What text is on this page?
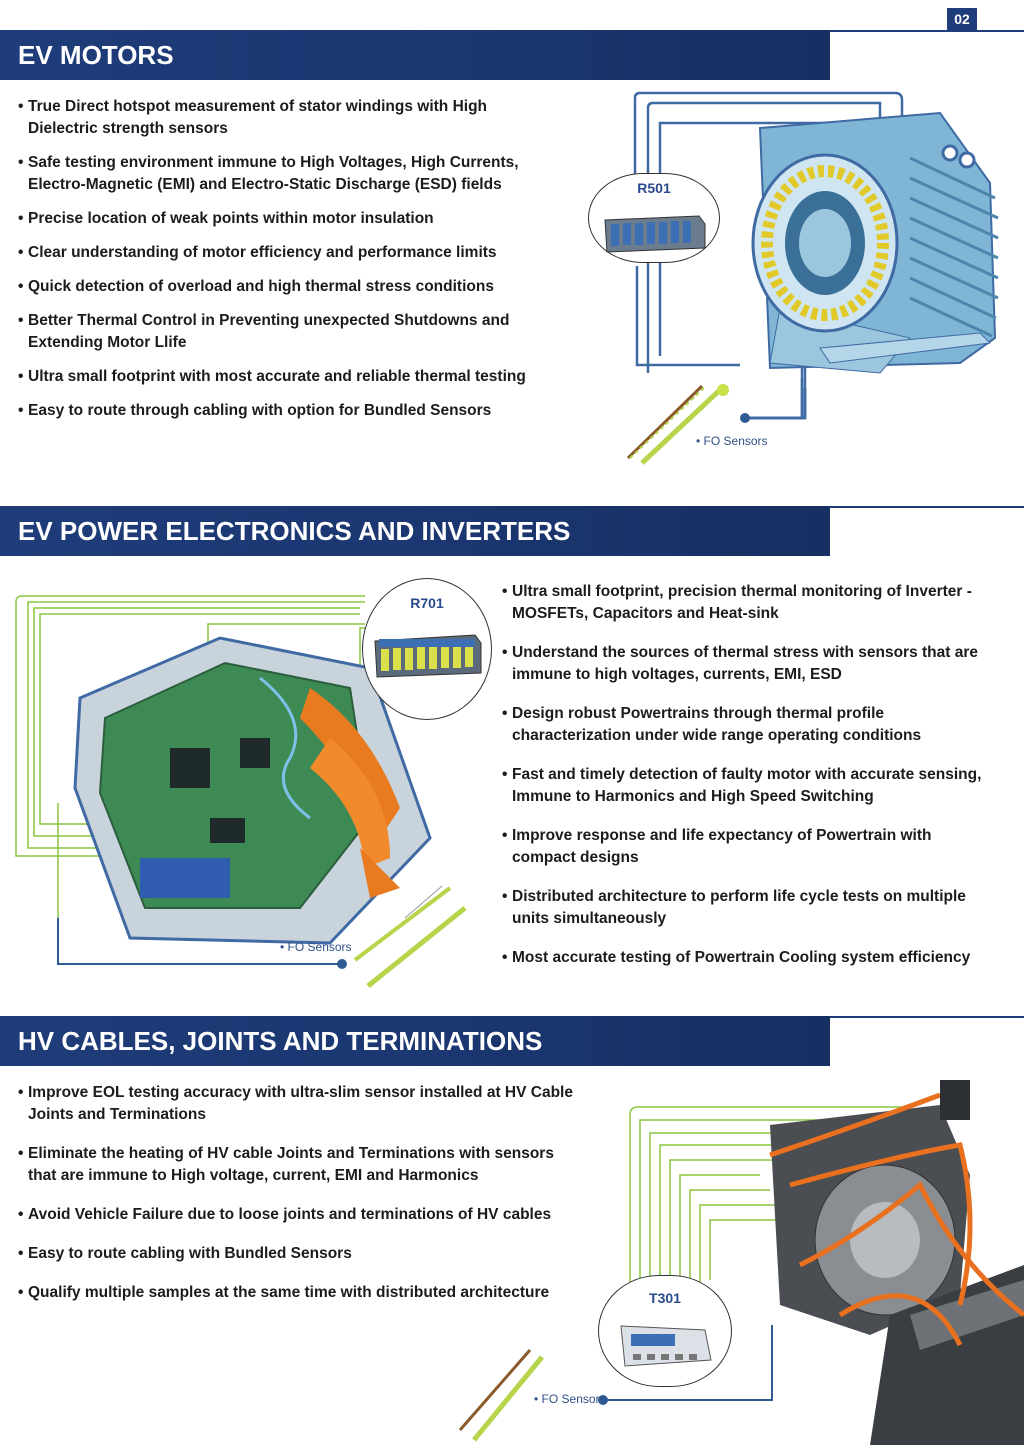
02
EV MOTORS
• True Direct hotspot measurement of stator windings with High
Dielectric strength sensors
• Safe testing environment immune to High Voltages, High Currents,
Electro-Magnetic (EMI) and Electro-Static Discharge (ESD) fields
• Precise location of weak points within motor insulation
• Clear understanding of motor efficiency and performance limits
• Quick detection of overload and high thermal stress conditions
• Better Thermal Control in Preventing unexpected Shutdowns and
Extending Motor Llife
• Ultra small footprint with most accurate and reliable thermal testing
• Easy to route through cabling with option for Bundled Sensors
R501
• FO Sensors
EV POWER ELECTRONICS AND INVERTERS
R701
• FO Sensors
• Ultra small footprint, precision thermal monitoring of Inverter -
MOSFETs, Capacitors and Heat-sink
• Understand the sources of thermal stress with sensors that are
immune to high voltages, currents, EMI, ESD
• Design robust Powertrains through thermal profile
characterization under wide range operating conditions
• Fast and timely detection of faulty motor with accurate sensing,
Immune to Harmonics and High Speed Switching
• Improve response and life expectancy of Powertrain with
compact designs
• Distributed architecture to perform life cycle tests on multiple
units simultaneously
• Most accurate testing of Powertrain Cooling system efficiency
HV CABLES, JOINTS AND TERMINATIONS
• Improve EOL testing accuracy with ultra-slim sensor installed at HV Cable
Joints and Terminations
• Eliminate the heating of HV cable Joints and Terminations with sensors
that are immune to High voltage, current, EMI and Harmonics
• Avoid Vehicle Failure due to loose joints and terminations of HV cables
• Easy to route cabling with Bundled Sensors
• Qualify multiple samples at the same time with distributed architecture	T301
• FO Sensors
